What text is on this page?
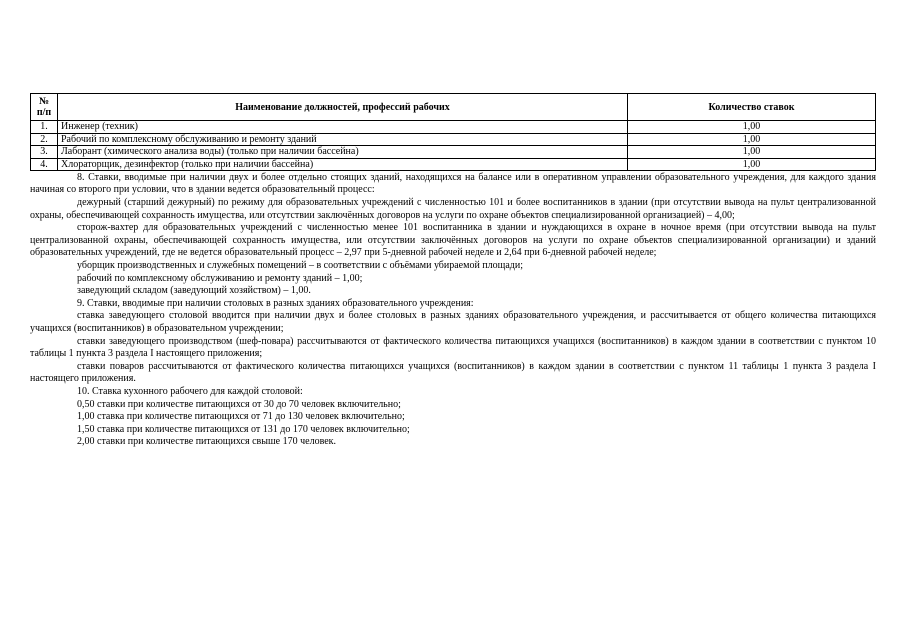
№
п/п	Наименование должностей, профессий рабочих	Количество ставок
1.	Инженер (техник)	1,00
2.	Рабочий по комплексному обслуживанию и ремонту зданий	1,00
3.	Лаборант (химического анализа воды) (только при наличии бассейна)	1,00
4.	Хлораторщик, дезинфектор (только при наличии бассейна)	1,00

8. Ставки, вводимые при наличии двух и более отдельно стоящих зданий, находящихся на балансе или в оперативном управлении образовательного учреждения, для каждого здания начиная со второго при условии, что в здании ведется образовательный процесс:

дежурный (старший дежурный) по режиму для образовательных учреждений с численностью 101 и более воспитанников в здании (при отсутствии вывода на пульт централизованной охраны, обеспечивающей сохранность имущества, или отсутствии заключённых договоров на услуги по охране объектов специализированной организацией) – 4,00;

сторож-вахтер для образовательных учреждений с численностью менее 101 воспитанника в здании и нуждающихся в охране в ночное время (при отсутствии вывода на пульт централизованной охраны, обеспечивающей сохранность имущества, или отсутствии заключённых договоров на услуги по охране объектов специализированной организации) и зданий образовательных учреждений, где не ведется образовательный процесс – 2,97 при 5-дневной рабочей неделе и 2,64 при 6-дневной рабочей неделе;

уборщик производственных и служебных помещений – в соответствии с объёмами убираемой площади;

рабочий по комплексному обслуживанию и ремонту зданий – 1,00;

заведующий складом (заведующий хозяйством) – 1,00.

9. Ставки, вводимые при наличии столовых в разных зданиях образовательного учреждения:

ставка заведующего столовой вводится при наличии двух и более столовых в разных зданиях образовательного учреждения, и рассчитывается от общего количества питающихся учащихся (воспитанников) в образовательном учреждении;

ставки заведующего производством (шеф-повара) рассчитываются от фактического количества питающихся учащихся (воспитанников) в каждом здании в соответствии с пунктом 10 таблицы 1 пункта 3 раздела I настоящего приложения;

ставки поваров рассчитываются от фактического количества питающихся учащихся (воспитанников) в каждом здании в соответствии с пунктом 11 таблицы 1 пункта 3 раздела I настоящего приложения.

10. Ставка кухонного рабочего для каждой столовой:

0,50 ставки при количестве питающихся от 30 до 70 человек включительно;

1,00 ставка при количестве питающихся от 71 до 130 человек включительно;

1,50 ставка при количестве питающихся от 131 до 170 человек включительно;

2,00 ставки при количестве питающихся свыше 170 человек.
